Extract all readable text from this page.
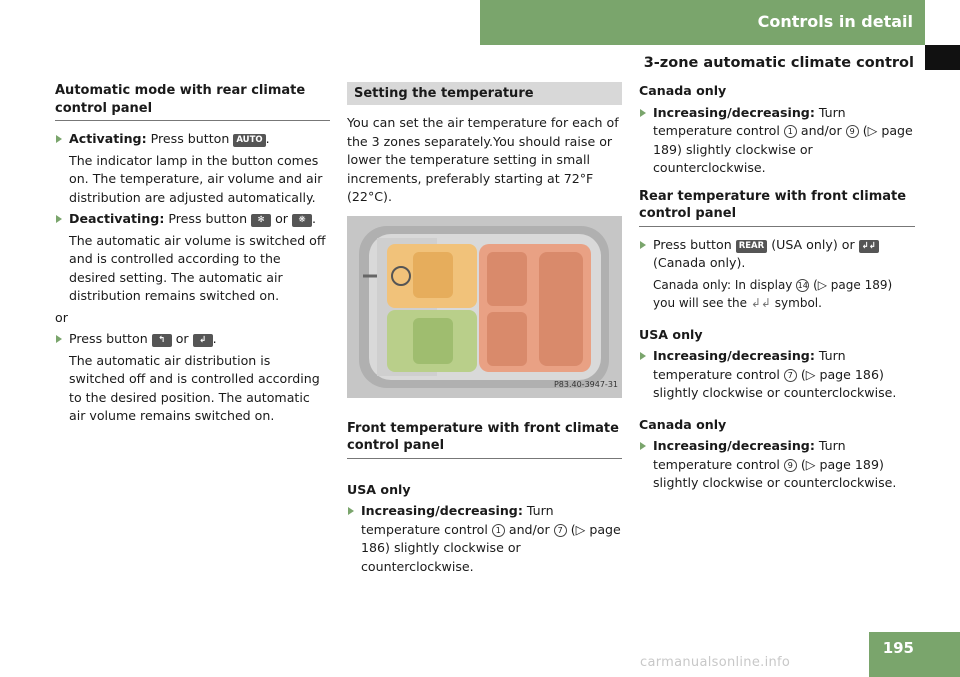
Controls in detail
3-zone automatic climate control
Automatic mode with rear climate control panel
Activating: Press button AUTO .
The indicator lamp in the button comes on. The temperature, air volume and air distribution are adjusted automatically.
Deactivating: Press button ✻ or ❋ .
The automatic air volume is switched off and is controlled according to the desired setting. The automatic air distribution remains switched on.
or
Press button ↰ or ↲ .
The automatic air distribution is switched off and is controlled according to the desired position. The automatic air volume remains switched on.
Setting the temperature
You can set the air temperature for each of the 3 zones separately.You should raise or lower the temperature setting in small increments, preferably starting at 72°F (22°C).
P83.40-3947-31
Front temperature with front climate control panel
USA only
Increasing/decreasing: Turn temperature control 1 and/or 7 (▷ page 186) slightly clockwise or counterclockwise.
Canada only
Increasing/decreasing: Turn temperature control 1 and/or 9 (▷ page 189) slightly clockwise or counterclockwise.
Rear temperature with front climate control panel
Press button REAR (USA only) or ↲↲ (Canada only).
Canada only: In display 14 (▷ page 189) you will see the ↲↲ symbol.
USA only
Increasing/decreasing: Turn temperature control 7 (▷ page 186) slightly clockwise or counterclockwise.
Canada only
Increasing/decreasing: Turn temperature control 9 (▷ page 189) slightly clockwise or counterclockwise.
195
carmanualsonline.info
